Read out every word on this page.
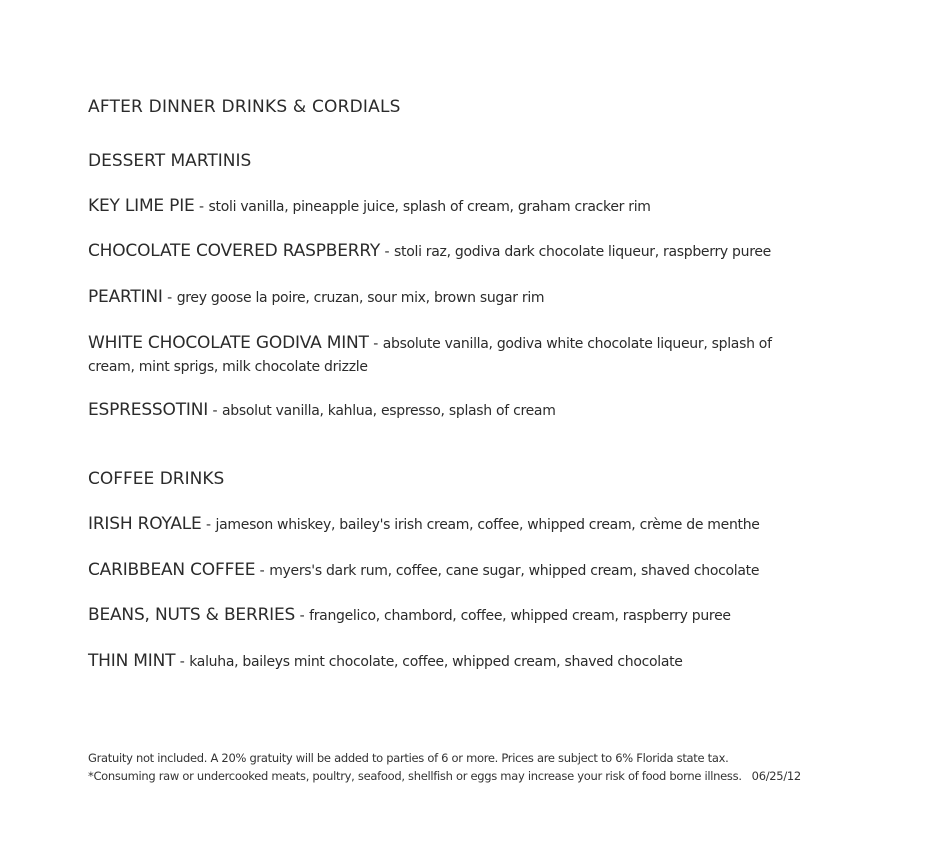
AFTER DINNER DRINKS & CORDIALS
DESSERT MARTINIS
KEY LIME PIE - stoli vanilla, pineapple juice, splash of cream, graham cracker rim
CHOCOLATE COVERED RASPBERRY - stoli raz, godiva dark chocolate liqueur, raspberry puree
PEARTINI - grey goose la poire, cruzan, sour mix, brown sugar rim
WHITE CHOCOLATE GODIVA MINT - absolute vanilla, godiva white chocolate liqueur, splash of cream, mint sprigs, milk chocolate drizzle
ESPRESSOTINI - absolut vanilla, kahlua, espresso, splash of cream
COFFEE DRINKS
IRISH ROYALE - jameson whiskey, bailey's irish cream, coffee, whipped cream, crème de menthe
CARIBBEAN COFFEE - myers's dark rum, coffee, cane sugar, whipped cream, shaved chocolate
BEANS, NUTS & BERRIES - frangelico, chambord, coffee, whipped cream, raspberry puree
THIN MINT - kaluha, baileys mint chocolate, coffee, whipped cream, shaved chocolate
Gratuity not included. A 20% gratuity will be added to parties of 6 or more. Prices are subject to 6% Florida state tax.
*Consuming raw or undercooked meats, poultry, seafood, shellfish or eggs may increase your risk of food borne illness. 06/25/12
